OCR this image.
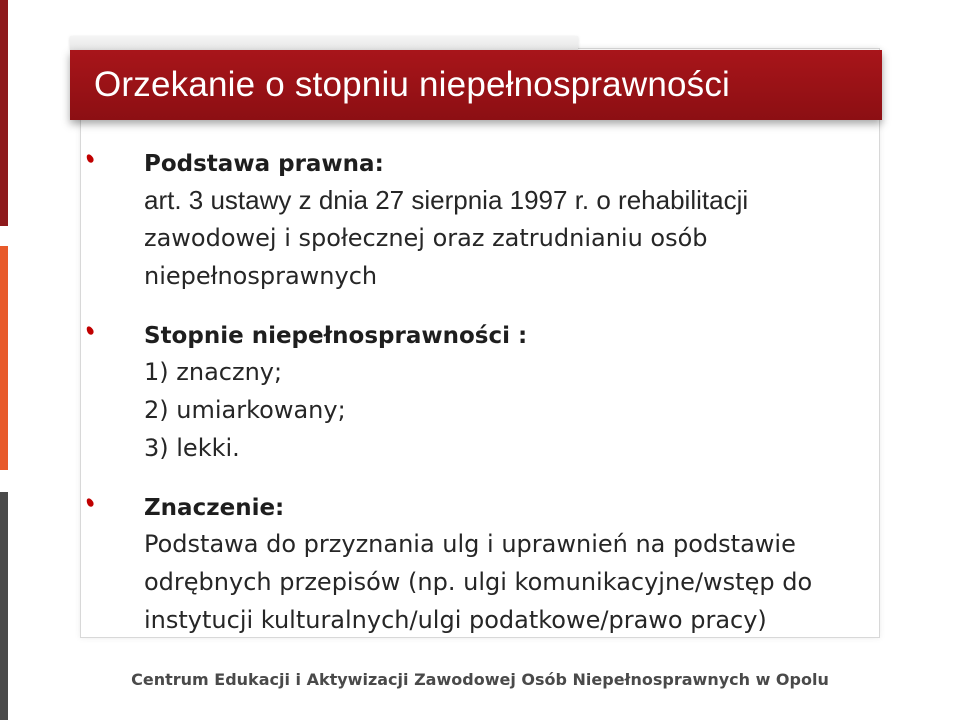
Orzekanie o stopniu niepełnosprawności
Podstawa prawna:
art. 3 ustawy z dnia 27 sierpnia 1997 r. o rehabilitacji
zawodowej i społecznej oraz zatrudnianiu osób
niepełnosprawnych
Stopnie niepełnosprawności :
1) znaczny;
2) umiarkowany;
3) lekki.
Znaczenie:
Podstawa do przyznania ulg i uprawnień na podstawie
odrębnych przepisów (np. ulgi komunikacyjne/wstęp do
instytucji kulturalnych/ulgi podatkowe/prawo pracy)
Centrum Edukacji i Aktywizacji Zawodowej Osób Niepełnosprawnych w Opolu
